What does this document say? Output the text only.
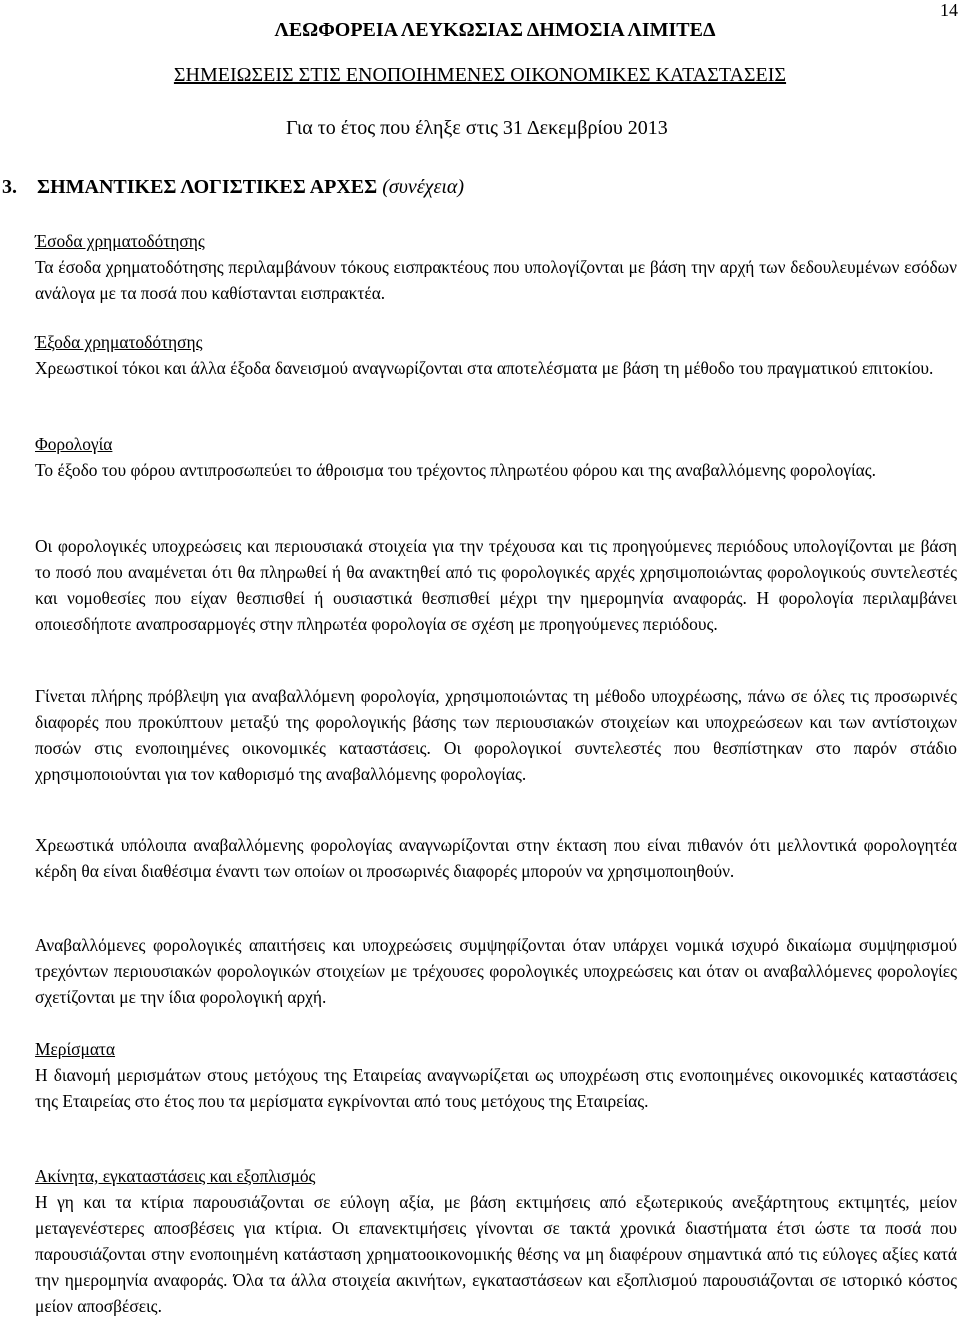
14

ΛΕΩΦΟΡΕΙΑ ΛΕΥΚΩΣΙΑΣ ΔΗΜΟΣΙΑ ΛΙΜΙΤΕΔ

ΣΗΜΕΙΩΣΕΙΣ ΣΤΙΣ ΕΝΟΠΟΙΗΜΕΝΕΣ ΟΙΚΟΝΟΜΙΚΕΣ ΚΑΤΑΣΤΑΣΕΙΣ

Για το έτος που έληξε στις 31 Δεκεμβρίου 2013

3. ΣΗΜΑΝΤΙΚΕΣ ΛΟΓΙΣΤΙΚΕΣ ΑΡΧΕΣ (συνέχεια)
Έσοδα χρηματοδότησης
Τα έσοδα χρηματοδότησης περιλαμβάνουν τόκους εισπρακτέους που υπολογίζονται με βάση την αρχή των δεδουλευμένων εσόδων ανάλογα με τα ποσά που καθίστανται εισπρακτέα.
Έξοδα χρηματοδότησης
Χρεωστικοί τόκοι και άλλα έξοδα δανεισμού αναγνωρίζονται στα αποτελέσματα με βάση τη μέθοδο του πραγματικού επιτοκίου.
Φορολογία
Το έξοδο του φόρου αντιπροσωπεύει το άθροισμα του τρέχοντος πληρωτέου φόρου και της αναβαλλόμενης φορολογίας.
Οι φορολογικές υποχρεώσεις και περιουσιακά στοιχεία για την τρέχουσα και τις προηγούμενες περιόδους υπολογίζονται με βάση το ποσό που αναμένεται ότι θα πληρωθεί ή θα ανακτηθεί από τις φορολογικές αρχές χρησιμοποιώντας φορολογικούς συντελεστές και νομοθεσίες που είχαν θεσπισθεί ή ουσιαστικά θεσπισθεί μέχρι την ημερομηνία αναφοράς. Η φορολογία περιλαμβάνει οποιεσδήποτε αναπροσαρμογές στην πληρωτέα φορολογία σε σχέση με προηγούμενες περιόδους.
Γίνεται πλήρης πρόβλεψη για αναβαλλόμενη φορολογία, χρησιμοποιώντας τη μέθοδο υποχρέωσης, πάνω σε όλες τις προσωρινές διαφορές που προκύπτουν μεταξύ της φορολογικής βάσης των περιουσιακών στοιχείων και υποχρεώσεων και των αντίστοιχων ποσών στις ενοποιημένες οικονομικές καταστάσεις. Οι φορολογικοί συντελεστές που θεσπίστηκαν στο παρόν στάδιο χρησιμοποιούνται για τον καθορισμό της αναβαλλόμενης φορολογίας.
Χρεωστικά υπόλοιπα αναβαλλόμενης φορολογίας αναγνωρίζονται στην έκταση που είναι πιθανόν ότι μελλοντικά φορολογητέα κέρδη θα είναι διαθέσιμα έναντι των οποίων οι προσωρινές διαφορές μπορούν να χρησιμοποιηθούν.
Αναβαλλόμενες φορολογικές απαιτήσεις και υποχρεώσεις συμψηφίζονται όταν υπάρχει νομικά ισχυρό δικαίωμα συμψηφισμού τρεχόντων περιουσιακών φορολογικών στοιχείων με τρέχουσες φορολογικές υποχρεώσεις και όταν οι αναβαλλόμενες φορολογίες σχετίζονται με την ίδια φορολογική αρχή.
Μερίσματα
Η διανομή μερισμάτων στους μετόχους της Εταιρείας αναγνωρίζεται ως υποχρέωση στις ενοποιημένες οικονομικές καταστάσεις της Εταιρείας στο έτος που τα μερίσματα εγκρίνονται από τους μετόχους της Εταιρείας.
Ακίνητα, εγκαταστάσεις και εξοπλισμός
Η γη και τα κτίρια παρουσιάζονται σε εύλογη αξία, με βάση εκτιμήσεις από εξωτερικούς ανεξάρτητους εκτιμητές, μείον μεταγενέστερες αποσβέσεις για κτίρια. Οι επανεκτιμήσεις γίνονται σε τακτά χρονικά διαστήματα έτσι ώστε τα ποσά που παρουσιάζονται στην ενοποιημένη κατάσταση χρηματοοικονομικής θέσης να μη διαφέρουν σημαντικά από τις εύλογες αξίες κατά την ημερομηνία αναφοράς. Όλα τα άλλα στοιχεία ακινήτων, εγκαταστάσεων και εξοπλισμού παρουσιάζονται σε ιστορικό κόστος μείον αποσβέσεις.
